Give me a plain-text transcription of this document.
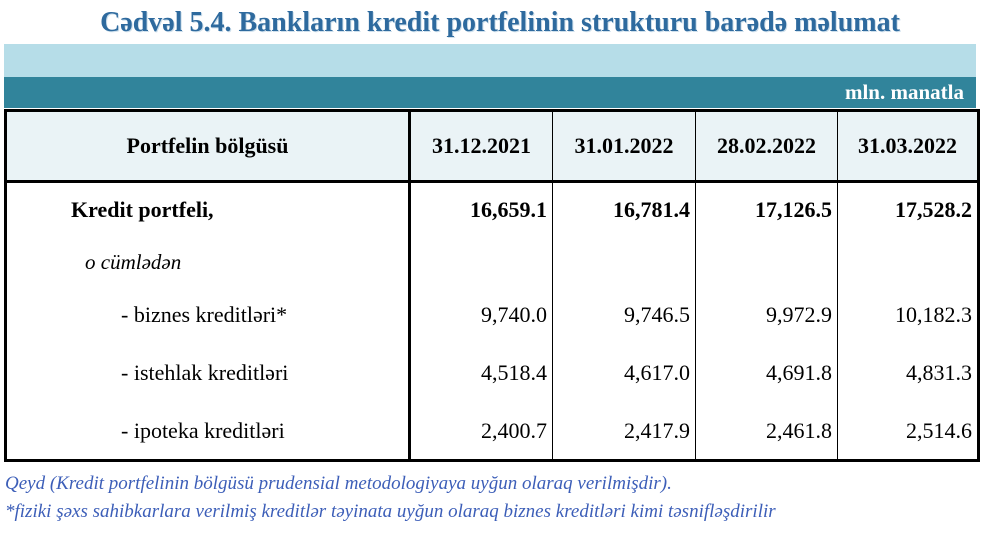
Cədvəl 5.4. Bankların kredit portfelinin strukturu barədə məlumat
mln. manatla
Portfelin bölgüsü	31.12.2021	31.01.2022	28.02.2022	31.03.2022
Kredit portfeli,	16,659.1	16,781.4	17,126.5	17,528.2
o cümlədən				
- biznes kreditləri*	9,740.0	9,746.5	9,972.9	10,182.3
- istehlak kreditləri	4,518.4	4,617.0	4,691.8	4,831.3
- ipoteka kreditləri	2,400.7	2,417.9	2,461.8	2,514.6
Qeyd (Kredit portfelinin bölgüsü prudensial metodologiyaya uyğun olaraq verilmişdir).
*fiziki şəxs sahibkarlara verilmiş kreditlər təyinata uyğun olaraq biznes kreditləri kimi təsnifləşdirilir
